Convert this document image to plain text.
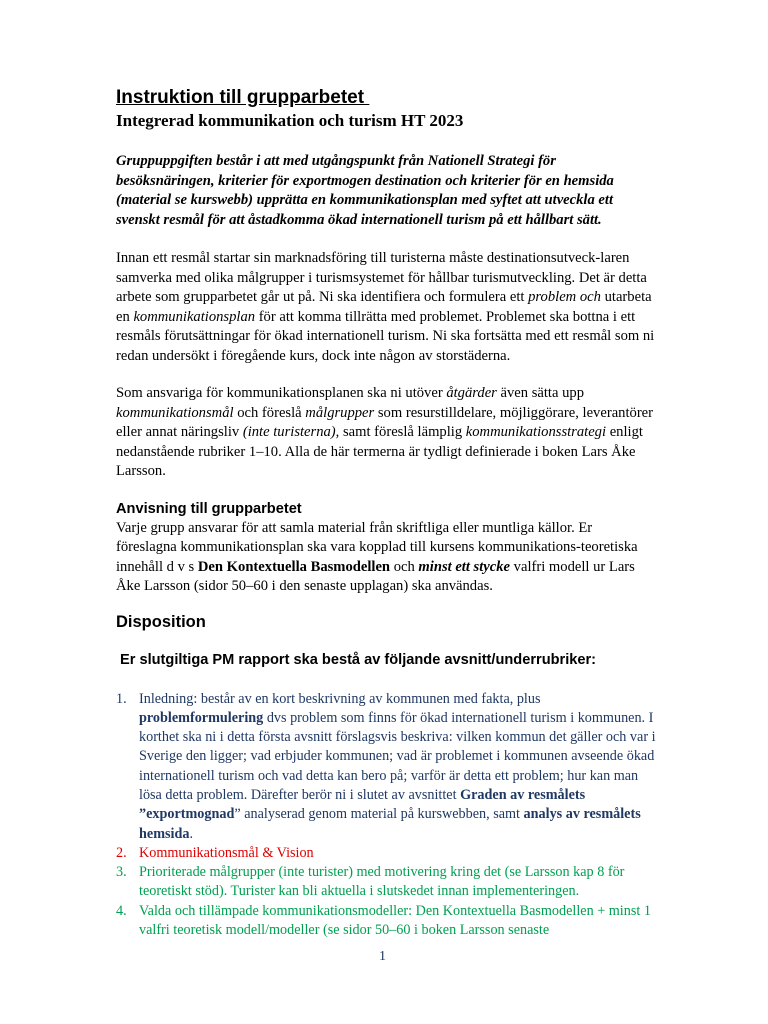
Instruktion till grupparbetet
Integrerad kommunikation och turism HT 2023

Gruppuppgiften består i att med utgångspunkt från Nationell Strategi för besöksnäringen, kriterier för exportmogen destination och kriterier för en hemsida (material se kurswebb) upprätta en kommunikationsplan med syftet att utveckla ett svenskt resmål för att åstadkomma ökad internationell turism på ett hållbart sätt.

Innan ett resmål startar sin marknadsföring till turisterna måste destinationsutveck-laren samverka med olika målgrupper i turismsystemet för hållbar turismutveckling. Det är detta arbete som grupparbetet går ut på. Ni ska identifiera och formulera ett problem och utarbeta en kommunikationsplan för att komma tillrätta med problemet. Problemet ska bottna i ett resmåls förutsättningar för ökad internationell turism. Ni ska fortsätta med ett resmål som ni redan undersökt i föregående kurs, dock inte någon av storstäderna.

Som ansvariga för kommunikationsplanen ska ni utöver åtgärder även sätta upp kommunikationsmål och föreslå målgrupper som resurstilldelare, möjliggörare, leverantörer eller annat näringsliv (inte turisterna), samt föreslå lämplig kommunikationsstrategi enligt nedanstående rubriker 1–10. Alla de här termerna är tydligt definierade i boken Lars Åke Larsson.

Anvisning till grupparbetet

Varje grupp ansvarar för att samla material från skriftliga eller muntliga källor. Er föreslagna kommunikationsplan ska vara kopplad till kursens kommunikations-teoretiska innehåll d v s Den Kontextuella Basmodellen och minst ett stycke valfri modell ur Lars Åke Larsson (sidor 50–60 i den senaste upplagan) ska användas.

Disposition
Er slutgiltiga PM rapport ska bestå av följande avsnitt/underrubriker:
1. Inledning: består av en kort beskrivning av kommunen med fakta, plus problemformulering dvs problem som finns för ökad internationell turism i kommunen. I korthet ska ni i detta första avsnitt förslagsvis beskriva: vilken kommun det gäller och var i Sverige den ligger; vad erbjuder kommunen; vad är problemet i kommunen avseende ökad internationell turism och vad detta kan bero på; varför är detta ett problem; hur kan man lösa detta problem. Därefter berör ni i slutet av avsnittet Graden av resmålets ”exportmognad” analyserad genom material på kurswebben, samt analys av resmålets hemsida.
2. Kommunikationsmål & Vision
3. Prioriterade målgrupper (inte turister) med motivering kring det (se Larsson kap 8 för teoretiskt stöd). Turister kan bli aktuella i slutskedet innan implementeringen.
4. Valda och tillämpade kommunikationsmodeller: Den Kontextuella Basmodellen + minst 1 valfri teoretisk modell/modeller (se sidor 50–60 i boken Larsson senaste
1
